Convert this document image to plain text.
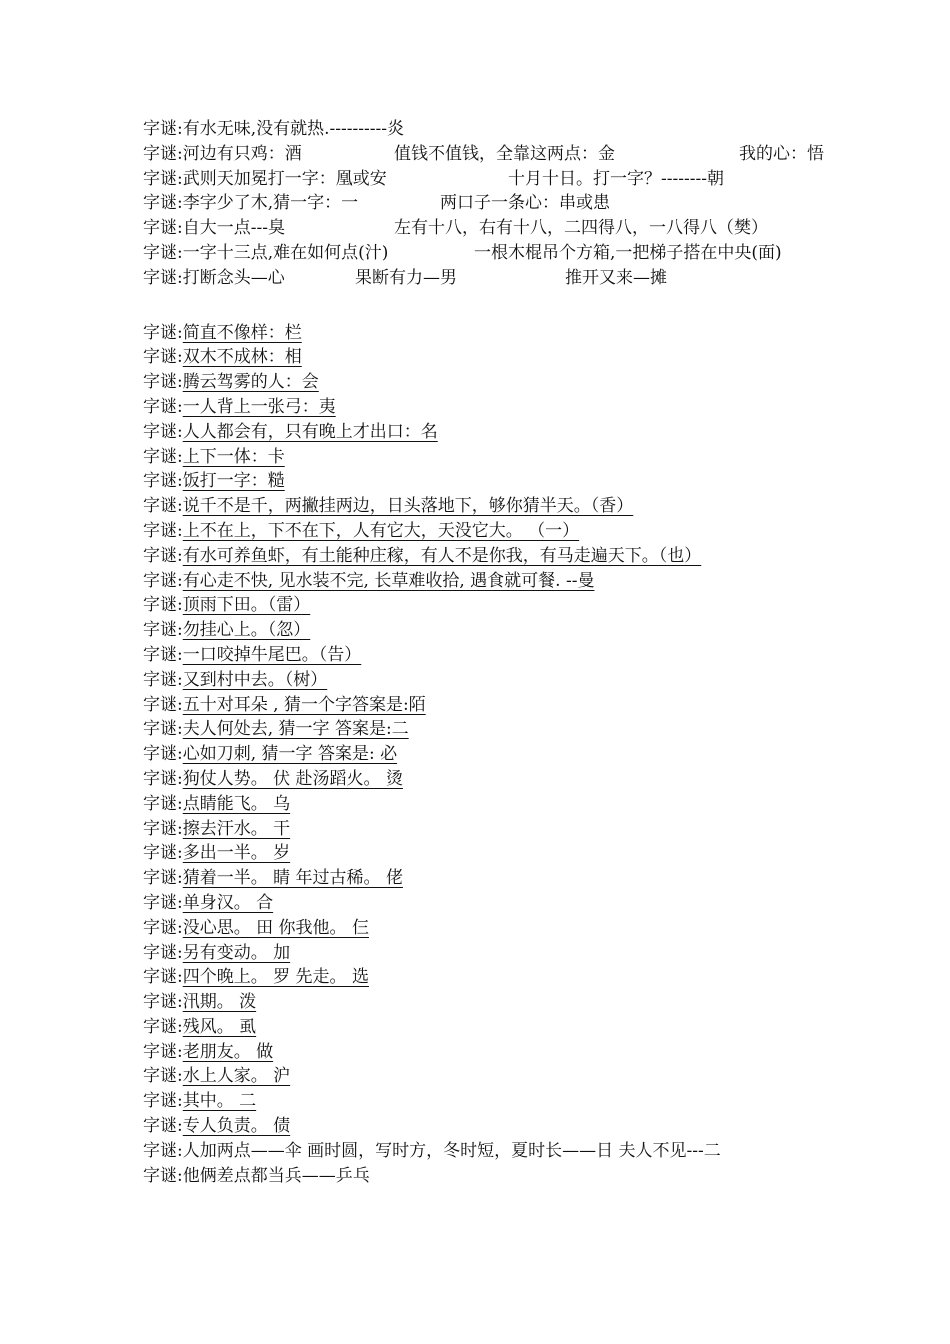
字谜:有水无味,没有就热.----------炎
字谜:河边有只鸡：酒	值钱不值钱，全靠这两点：金	我的心：悟
字谜:武则天加冕打一字：凰或安	十月十日。打一字？--------朝
字谜:李字少了木,猜一字：一	两口子一条心：串或患
字谜:自大一点---臭	左有十八，右有十八，二四得八，一八得八（樊）
字谜:一字十三点,难在如何点(汁)	一根木棍吊个方箱,一把梯子搭在中央(面)
字谜:打断念头—心	果断有力—男	推开又来—摊
字谜:简直不像样：栏
字谜:双木不成林：相
字谜:腾云驾雾的人：会
字谜:一人背上一张弓：夷
字谜:人人都会有，只有晚上才出口：名
字谜:上下一体：卡
字谜:饭打一字：糙
字谜:说千不是千，两撇挂两边，日头落地下，够你猜半天。（香）
字谜:上不在上，下不在下，人有它大，天没它大。 （一）
字谜:有水可养鱼虾，有土能种庄稼，有人不是你我，有马走遍天下。（也）
字谜:有心走不快, 见水装不完, 长草难收拾, 遇食就可餐. --曼
字谜:顶雨下田。（雷）
字谜:勿挂心上。（忽）
字谜:一口咬掉牛尾巴。（告）
字谜:又到村中去。（树）
字谜:五十对耳朵 , 猜一个字答案是:陌
字谜:夫人何处去, 猜一字 答案是:二
字谜:心如刀刺, 猜一字 答案是: 必
字谜:狗仗人势。 伏 赴汤蹈火。 烫
字谜:点睛能飞。 乌
字谜:擦去汗水。 干
字谜:多出一半。 岁
字谜:猜着一半。 睛 年过古稀。 佬
字谜:单身汉。 合
字谜:没心思。 田 你我他。 仨
字谜:另有变动。 加
字谜:四个晚上。 罗 先走。 选
字谜:汛期。 泼
字谜:残风。 虱
字谜:老朋友。 做
字谜:水上人家。 沪
字谜:其中。 二
字谜:专人负责。 债
字谜:人加两点——伞 画时圆，写时方，冬时短，夏时长——日 夫人不见---二
字谜:他俩差点都当兵——乒乓
